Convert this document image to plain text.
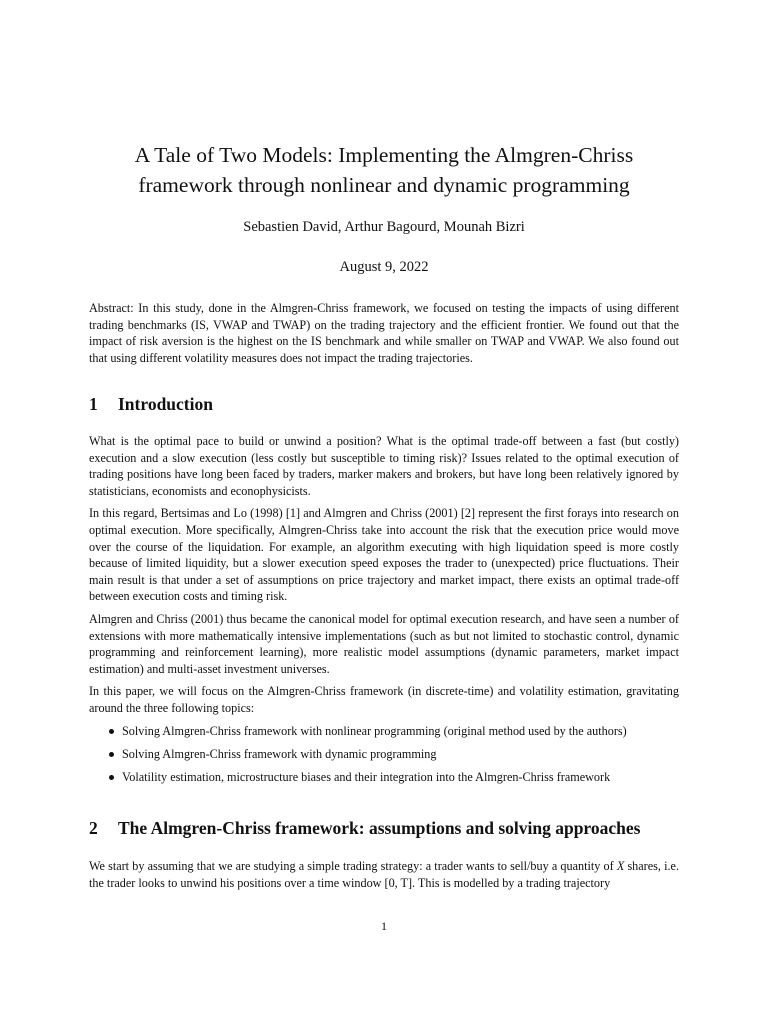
A Tale of Two Models: Implementing the Almgren-Chriss
framework through nonlinear and dynamic programming
Sebastien David, Arthur Bagourd, Mounah Bizri
August 9, 2022

Abstract: In this study, done in the Almgren-Chriss framework, we focused on testing the impacts of using different trading benchmarks (IS, VWAP and TWAP) on the trading trajectory and the efficient frontier. We found out that the impact of risk aversion is the highest on the IS benchmark and while smaller on TWAP and VWAP. We also found out that using different volatility measures does not impact the trading trajectories.

1 Introduction

What is the optimal pace to build or unwind a position? What is the optimal trade-off between a fast (but costly) execution and a slow execution (less costly but susceptible to timing risk)? Issues related to the optimal execution of trading positions have long been faced by traders, marker makers and brokers, but have long been relatively ignored by statisticians, economists and econophysicists.

In this regard, Bertsimas and Lo (1998) [1] and Almgren and Chriss (2001) [2] represent the first forays into research on optimal execution. More specifically, Almgren-Chriss take into account the risk that the execution price would move over the course of the liquidation. For example, an algorithm executing with high liquidation speed is more costly because of limited liquidity, but a slower execution speed exposes the trader to (unexpected) price fluctuations. Their main result is that under a set of assumptions on price trajectory and market impact, there exists an optimal trade-off between execution costs and timing risk.

Almgren and Chriss (2001) thus became the canonical model for optimal execution research, and have seen a number of extensions with more mathematically intensive implementations (such as but not limited to stochastic control, dynamic programming and reinforcement learning), more realistic model assumptions (dynamic parameters, market impact estimation) and multi-asset investment universes.

In this paper, we will focus on the Almgren-Chriss framework (in discrete-time) and volatility estimation, gravitating around the three following topics:

Solving Almgren-Chriss framework with nonlinear programming (original method used by the authors)
Solving Almgren-Chriss framework with dynamic programming
Volatility estimation, microstructure biases and their integration into the Almgren-Chriss framework
2 The Almgren-Chriss framework: assumptions and solving approaches

We start by assuming that we are studying a simple trading strategy: a trader wants to sell/buy a quantity of X shares, i.e. the trader looks to unwind his positions over a time window [0, T]. This is modelled by a trading trajectory

1
